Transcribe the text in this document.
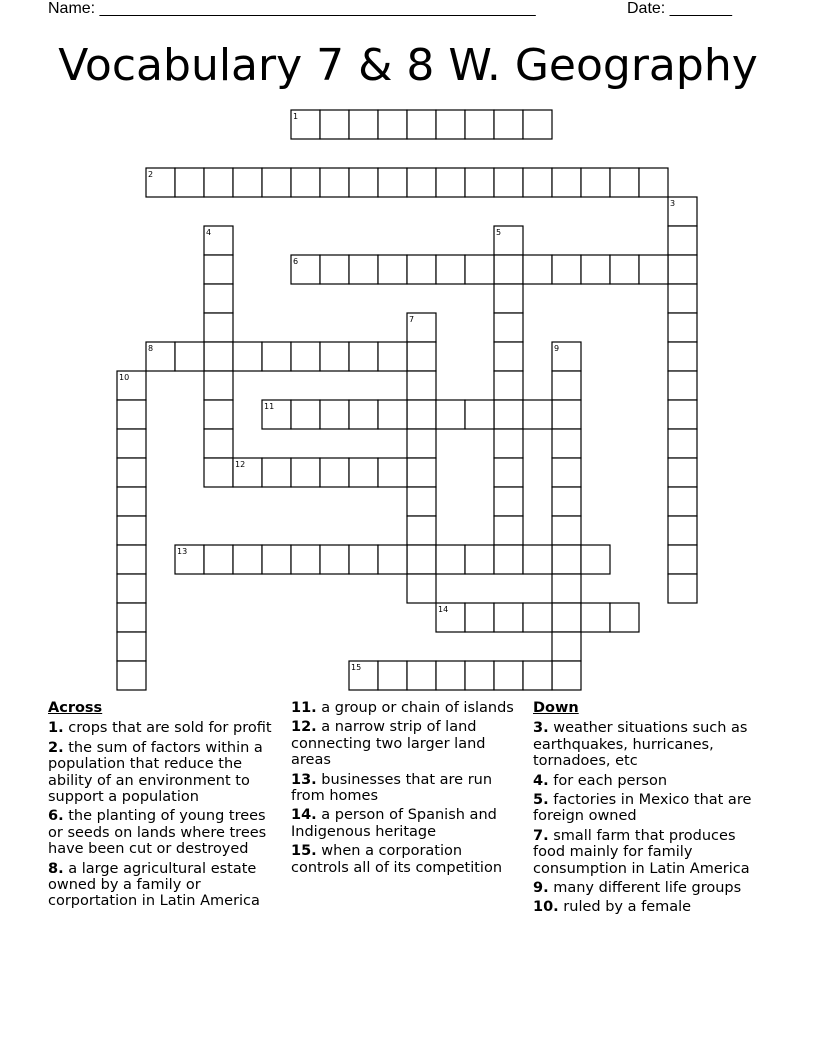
Name: _________________________________________________	Date: _______
Vocabulary 7 & 8 W. Geography
1
2
3
4	5
6
7
8	9
10
11
12
13
14
15
Across
1. crops that are sold for profit
2. the sum of factors within a population that reduce the ability of an environment to support a population
6. the planting of young trees or seeds on lands where trees have been cut or destroyed
8. a large agricultural estate owned by a family or corportation in Latin America
11. a group or chain of islands
12. a narrow strip of land connecting two larger land areas
13. businesses that are run from homes
14. a person of Spanish and Indigenous heritage
15. when a corporation controls all of its competition
Down
3. weather situations such as earthquakes, hurricanes, tornadoes, etc
4. for each person
5. factories in Mexico that are foreign owned
7. small farm that produces food mainly for family consumption in Latin America
9. many different life groups
10. ruled by a female
